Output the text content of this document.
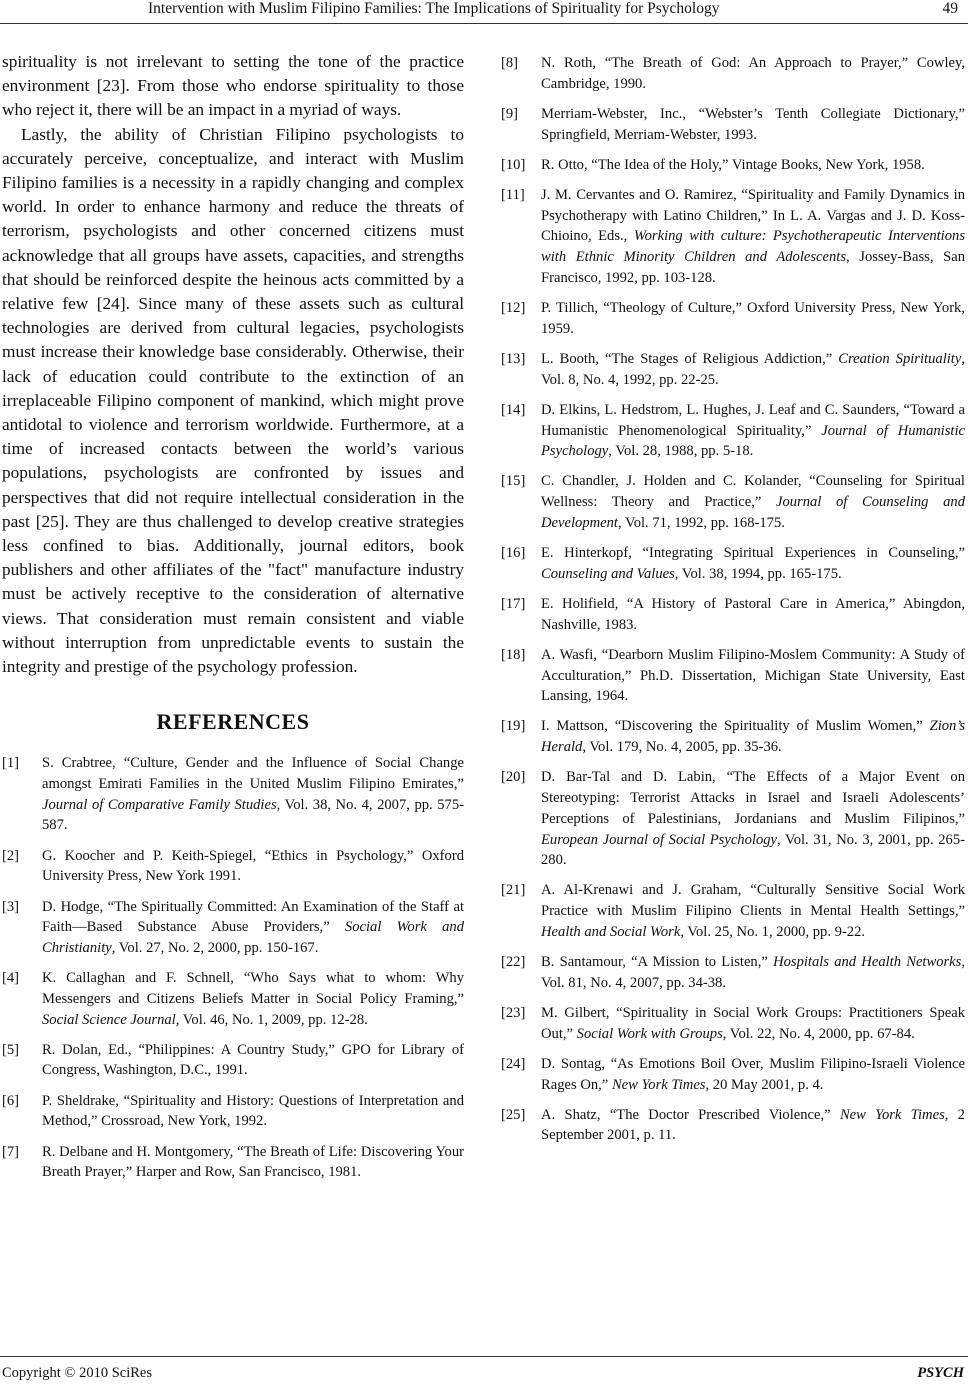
Intervention with Muslim Filipino Families: The Implications of Spirituality for Psychology	49

spirituality is not irrelevant to setting the tone of the practice environment [23]. From those who endorse spirituality to those who reject it, there will be an impact in a myriad of ways.

Lastly, the ability of Christian Filipino psychologists to accurately perceive, conceptualize, and interact with Muslim Filipino families is a necessity in a rapidly changing and complex world. In order to enhance harmony and reduce the threats of terrorism, psychologists and other concerned citizens must acknowledge that all groups have assets, capacities, and strengths that should be reinforced despite the heinous acts committed by a relative few [24]. Since many of these assets such as cultural technologies are derived from cultural legacies, psychologists must increase their knowledge base considerably. Otherwise, their lack of education could contribute to the extinction of an irreplaceable Filipino component of mankind, which might prove antidotal to violence and terrorism worldwide. Furthermore, at a time of increased contacts between the world’s various populations, psychologists are confronted by issues and perspectives that did not require intellectual consideration in the past [25]. They are thus challenged to develop creative strategies less confined to bias. Additionally, journal editors, book publishers and other affiliates of the "fact" manufacture industry must be actively receptive to the consideration of alternative views. That consideration must remain consistent and viable without interruption from unpredictable events to sustain the integrity and prestige of the psychology profession.

REFERENCES
[1] S. Crabtree, “Culture, Gender and the Influence of Social Change amongst Emirati Families in the United Muslim Filipino Emirates,” Journal of Comparative Family Studies, Vol. 38, No. 4, 2007, pp. 575-587.
[2] G. Koocher and P. Keith-Spiegel, “Ethics in Psychology,” Oxford University Press, New York 1991.
[3] D. Hodge, “The Spiritually Committed: An Examination of the Staff at Faith—Based Substance Abuse Providers,” Social Work and Christianity, Vol. 27, No. 2, 2000, pp. 150-167.
[4] K. Callaghan and F. Schnell, “Who Says what to whom: Why Messengers and Citizens Beliefs Matter in Social Policy Framing,” Social Science Journal, Vol. 46, No. 1, 2009, pp. 12-28.
[5] R. Dolan, Ed., “Philippines: A Country Study,” GPO for Library of Congress, Washington, D.C., 1991.
[6] P. Sheldrake, “Spirituality and History: Questions of Interpretation and Method,” Crossroad, New York, 1992.
[7] R. Delbane and H. Montgomery, “The Breath of Life: Discovering Your Breath Prayer,” Harper and Row, San Francisco, 1981.
[8] N. Roth, “The Breath of God: An Approach to Prayer,” Cowley, Cambridge, 1990.
[9] Merriam-Webster, Inc., “Webster’s Tenth Collegiate Dictionary,” Springfield, Merriam-Webster, 1993.
[10] R. Otto, “The Idea of the Holy,” Vintage Books, New York, 1958.
[11] J. M. Cervantes and O. Ramirez, “Spirituality and Family Dynamics in Psychotherapy with Latino Children,” In L. A. Vargas and J. D. Koss-Chioino, Eds., Working with culture: Psychotherapeutic Interventions with Ethnic Minority Children and Adolescents, Jossey-Bass, San Francisco, 1992, pp. 103-128.
[12] P. Tillich, “Theology of Culture,” Oxford University Press, New York, 1959.
[13] L. Booth, “The Stages of Religious Addiction,” Creation Spirituality, Vol. 8, No. 4, 1992, pp. 22-25.
[14] D. Elkins, L. Hedstrom, L. Hughes, J. Leaf and C. Saunders, “Toward a Humanistic Phenomenological Spirituality,” Journal of Humanistic Psychology, Vol. 28, 1988, pp. 5-18.
[15] C. Chandler, J. Holden and C. Kolander, “Counseling for Spiritual Wellness: Theory and Practice,” Journal of Counseling and Development, Vol. 71, 1992, pp. 168-175.
[16] E. Hinterkopf, “Integrating Spiritual Experiences in Counseling,” Counseling and Values, Vol. 38, 1994, pp. 165-175.
[17] E. Holifield, “A History of Pastoral Care in America,” Abingdon, Nashville, 1983.
[18] A. Wasfi, “Dearborn Muslim Filipino-Moslem Community: A Study of Acculturation,” Ph.D. Dissertation, Michigan State University, East Lansing, 1964.
[19] I. Mattson, “Discovering the Spirituality of Muslim Women,” Zion’s Herald, Vol. 179, No. 4, 2005, pp. 35-36.
[20] D. Bar-Tal and D. Labin, “The Effects of a Major Event on Stereotyping: Terrorist Attacks in Israel and Israeli Adolescents’ Perceptions of Palestinians, Jordanians and Muslim Filipinos,” European Journal of Social Psychology, Vol. 31, No. 3, 2001, pp. 265-280.
[21] A. Al-Krenawi and J. Graham, “Culturally Sensitive Social Work Practice with Muslim Filipino Clients in Mental Health Settings,” Health and Social Work, Vol. 25, No. 1, 2000, pp. 9-22.
[22] B. Santamour, “A Mission to Listen,” Hospitals and Health Networks, Vol. 81, No. 4, 2007, pp. 34-38.
[23] M. Gilbert, “Spirituality in Social Work Groups: Practitioners Speak Out,” Social Work with Groups, Vol. 22, No. 4, 2000, pp. 67-84.
[24] D. Sontag, “As Emotions Boil Over, Muslim Filipino-Israeli Violence Rages On,” New York Times, 20 May 2001, p. 4.
[25] A. Shatz, “The Doctor Prescribed Violence,” New York Times, 2 September 2001, p. 11.
Copyright © 2010 SciRes	PSYCH
